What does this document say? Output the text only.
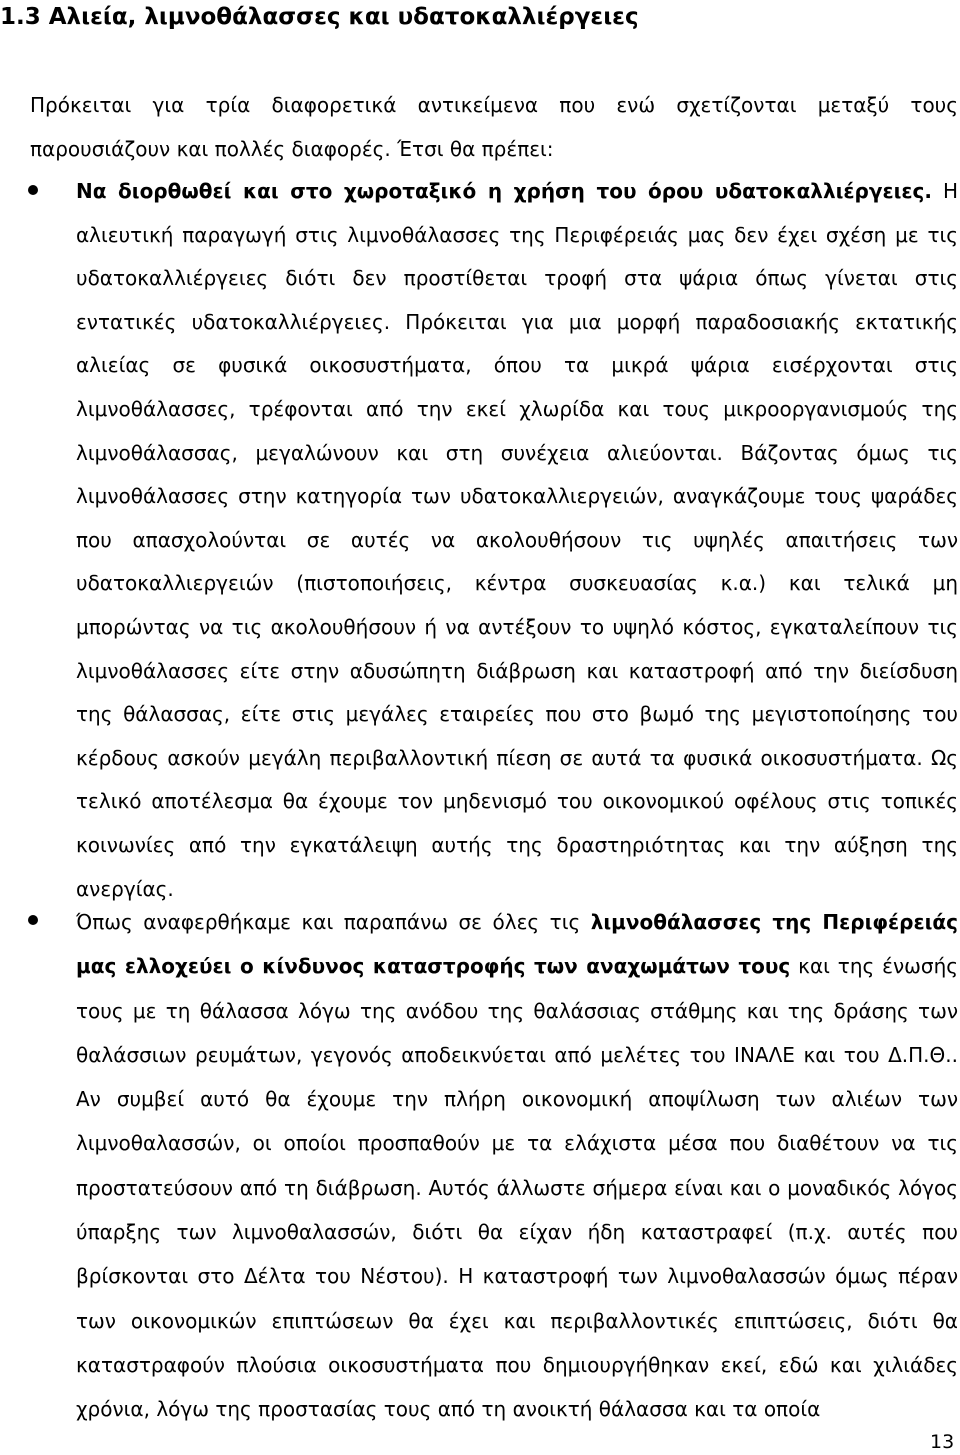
1.3 Αλιεία, λιμνοθάλασσες και υδατοκαλλιέργειες

Πρόκειται για τρία διαφορετικά αντικείμενα που ενώ σχετίζονται μεταξύ τους παρουσιάζουν και πολλές διαφορές. Έτσι θα πρέπει:

Να διορθωθεί και στο χωροταξικό η χρήση του όρου υδατοκαλλιέργειες. Η αλιευτική παραγωγή στις λιμνοθάλασσες της Περιφέρειάς μας δεν έχει σχέση με τις υδατοκαλλιέργειες διότι δεν προστίθεται τροφή στα ψάρια όπως γίνεται στις εντατικές υδατοκαλλιέργειες. Πρόκειται για μια μορφή παραδοσιακής εκτατικής αλιείας σε φυσικά οικοσυστήματα, όπου τα μικρά ψάρια εισέρχονται στις λιμνοθάλασσες, τρέφονται από την εκεί χλωρίδα και τους μικροοργανισμούς της λιμνοθάλασσας, μεγαλώνουν και στη συνέχεια αλιεύονται. Βάζοντας όμως τις λιμνοθάλασσες στην κατηγορία των υδατοκαλλιεργειών, αναγκάζουμε τους ψαράδες που απασχολούνται σε αυτές να ακολουθήσουν τις υψηλές απαιτήσεις των υδατοκαλλιεργειών (πιστοποιήσεις, κέντρα συσκευασίας κ.α.) και τελικά μη μπορώντας να τις ακολουθήσουν ή να αντέξουν το υψηλό κόστος, εγκαταλείπουν τις λιμνοθάλασσες είτε στην αδυσώπητη διάβρωση και καταστροφή από την διείσδυση της θάλασσας, είτε στις μεγάλες εταιρείες που στο βωμό της μεγιστοποίησης του κέρδους ασκούν μεγάλη περιβαλλοντική πίεση σε αυτά τα φυσικά οικοσυστήματα. Ως τελικό αποτέλεσμα θα έχουμε τον μηδενισμό του οικονομικού οφέλους στις τοπικές κοινωνίες από την εγκατάλειψη αυτής της δραστηριότητας και την αύξηση της ανεργίας.

Όπως αναφερθήκαμε και παραπάνω σε όλες τις λιμνοθάλασσες της Περιφέρειάς μας ελλοχεύει ο κίνδυνος καταστροφής των αναχωμάτων τους και της ένωσής τους με τη θάλασσα λόγω της ανόδου της θαλάσσιας στάθμης και της δράσης των θαλάσσιων ρευμάτων, γεγονός αποδεικνύεται από μελέτες του ΙΝΑΛΕ και του Δ.Π.Θ.. Αν συμβεί αυτό θα έχουμε την πλήρη οικονομική αποψίλωση των αλιέων των λιμνοθαλασσών, οι οποίοι προσπαθούν με τα ελάχιστα μέσα που διαθέτουν να τις προστατεύσουν από τη διάβρωση. Αυτός άλλωστε σήμερα είναι και ο μοναδικός λόγος ύπαρξης των λιμνοθαλασσών, διότι θα είχαν ήδη καταστραφεί (π.χ. αυτές που βρίσκονται στο Δέλτα του Νέστου). Η καταστροφή των λιμνοθαλασσών όμως πέραν των οικονομικών επιπτώσεων θα έχει και περιβαλλοντικές επιπτώσεις, διότι θα καταστραφούν πλούσια οικοσυστήματα που δημιουργήθηκαν εκεί, εδώ και χιλιάδες χρόνια, λόγω της προστασίας τους από τη ανοικτή θάλασσα και τα οποία

13
